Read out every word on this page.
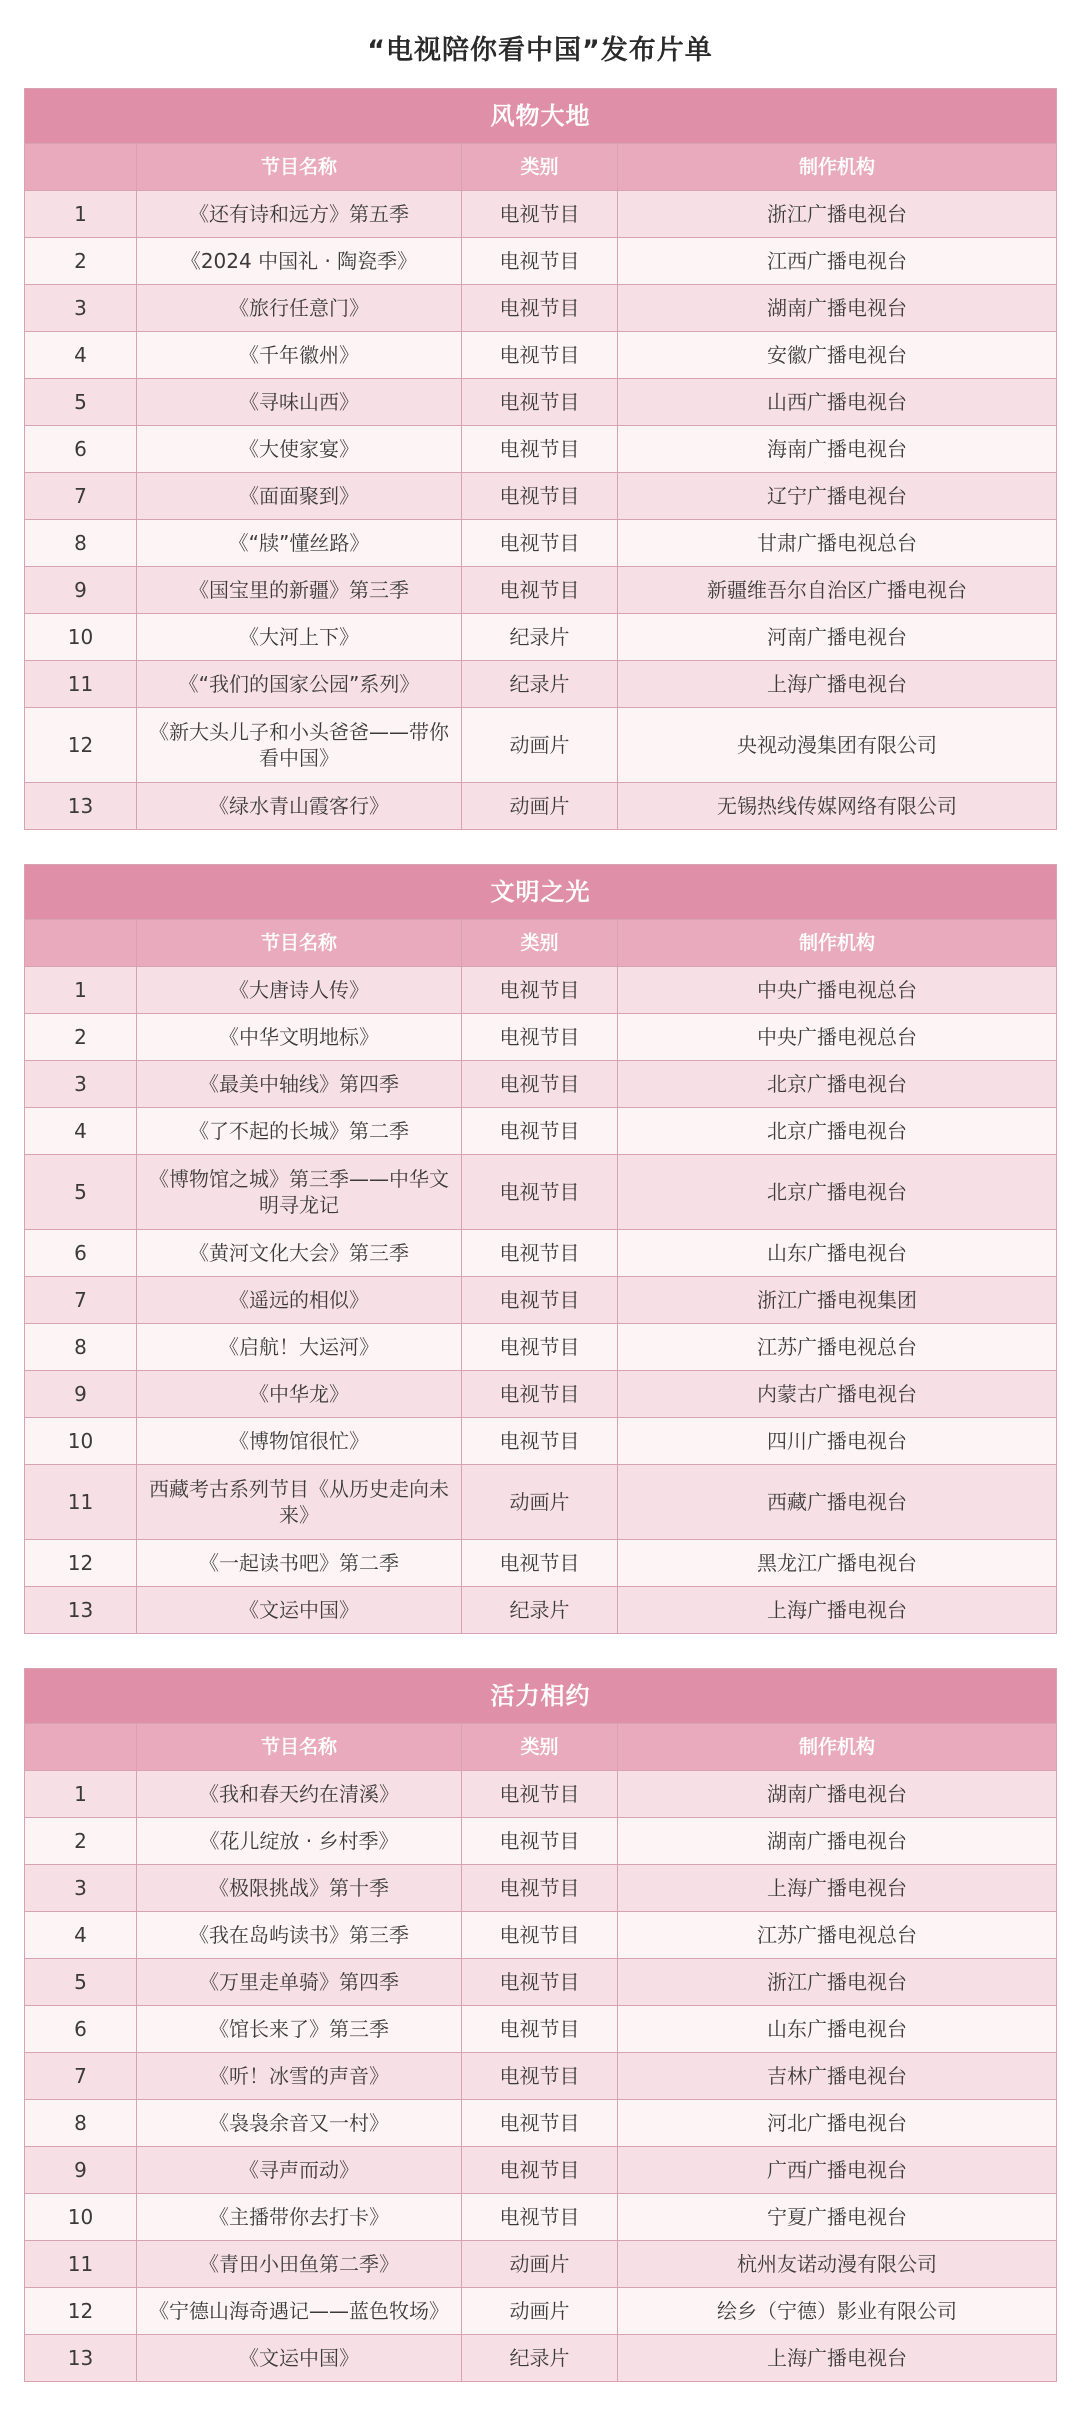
“电视陪你看中国”发布片单
风物大地			
	节目名称	类别	制作机构
1	《还有诗和远方》第五季	电视节目	浙江广播电视台
2	《2024 中国礼 · 陶瓷季》	电视节目	江西广播电视台
3	《旅行任意门》	电视节目	湖南广播电视台
4	《千年徽州》	电视节目	安徽广播电视台
5	《寻味山西》	电视节目	山西广播电视台
6	《大使家宴》	电视节目	海南广播电视台
7	《面面聚到》	电视节目	辽宁广播电视台
8	《“牍”懂丝路》	电视节目	甘肃广播电视总台
9	《国宝里的新疆》第三季	电视节目	新疆维吾尔自治区广播电视台
10	《大河上下》	纪录片	河南广播电视台
11	《“我们的国家公园”系列》	纪录片	上海广播电视台
12	《新大头儿子和小头爸爸——带你看中国》	动画片	央视动漫集团有限公司
13	《绿水青山霞客行》	动画片	无锡热线传媒网络有限公司
文明之光			
	节目名称	类别	制作机构
1	《大唐诗人传》	电视节目	中央广播电视总台
2	《中华文明地标》	电视节目	中央广播电视总台
3	《最美中轴线》第四季	电视节目	北京广播电视台
4	《了不起的长城》第二季	电视节目	北京广播电视台
5	《博物馆之城》第三季——中华文明寻龙记	电视节目	北京广播电视台
6	《黄河文化大会》第三季	电视节目	山东广播电视台
7	《遥远的相似》	电视节目	浙江广播电视集团
8	《启航！大运河》	电视节目	江苏广播电视总台
9	《中华龙》	电视节目	内蒙古广播电视台
10	《博物馆很忙》	电视节目	四川广播电视台
11	西藏考古系列节目《从历史走向未来》	动画片	西藏广播电视台
12	《一起读书吧》第二季	电视节目	黑龙江广播电视台
13	《文运中国》	纪录片	上海广播电视台
活力相约			
	节目名称	类别	制作机构
1	《我和春天约在清溪》	电视节目	湖南广播电视台
2	《花儿绽放 · 乡村季》	电视节目	湖南广播电视台
3	《极限挑战》第十季	电视节目	上海广播电视台
4	《我在岛屿读书》第三季	电视节目	江苏广播电视总台
5	《万里走单骑》第四季	电视节目	浙江广播电视台
6	《馆长来了》第三季	电视节目	山东广播电视台
7	《听！冰雪的声音》	电视节目	吉林广播电视台
8	《袅袅余音又一村》	电视节目	河北广播电视台
9	《寻声而动》	电视节目	广西广播电视台
10	《主播带你去打卡》	电视节目	宁夏广播电视台
11	《青田小田鱼第二季》	动画片	杭州友诺动漫有限公司
12	《宁德山海奇遇记——蓝色牧场》	动画片	绘乡（宁德）影业有限公司
13	《文运中国》	纪录片	上海广播电视台
